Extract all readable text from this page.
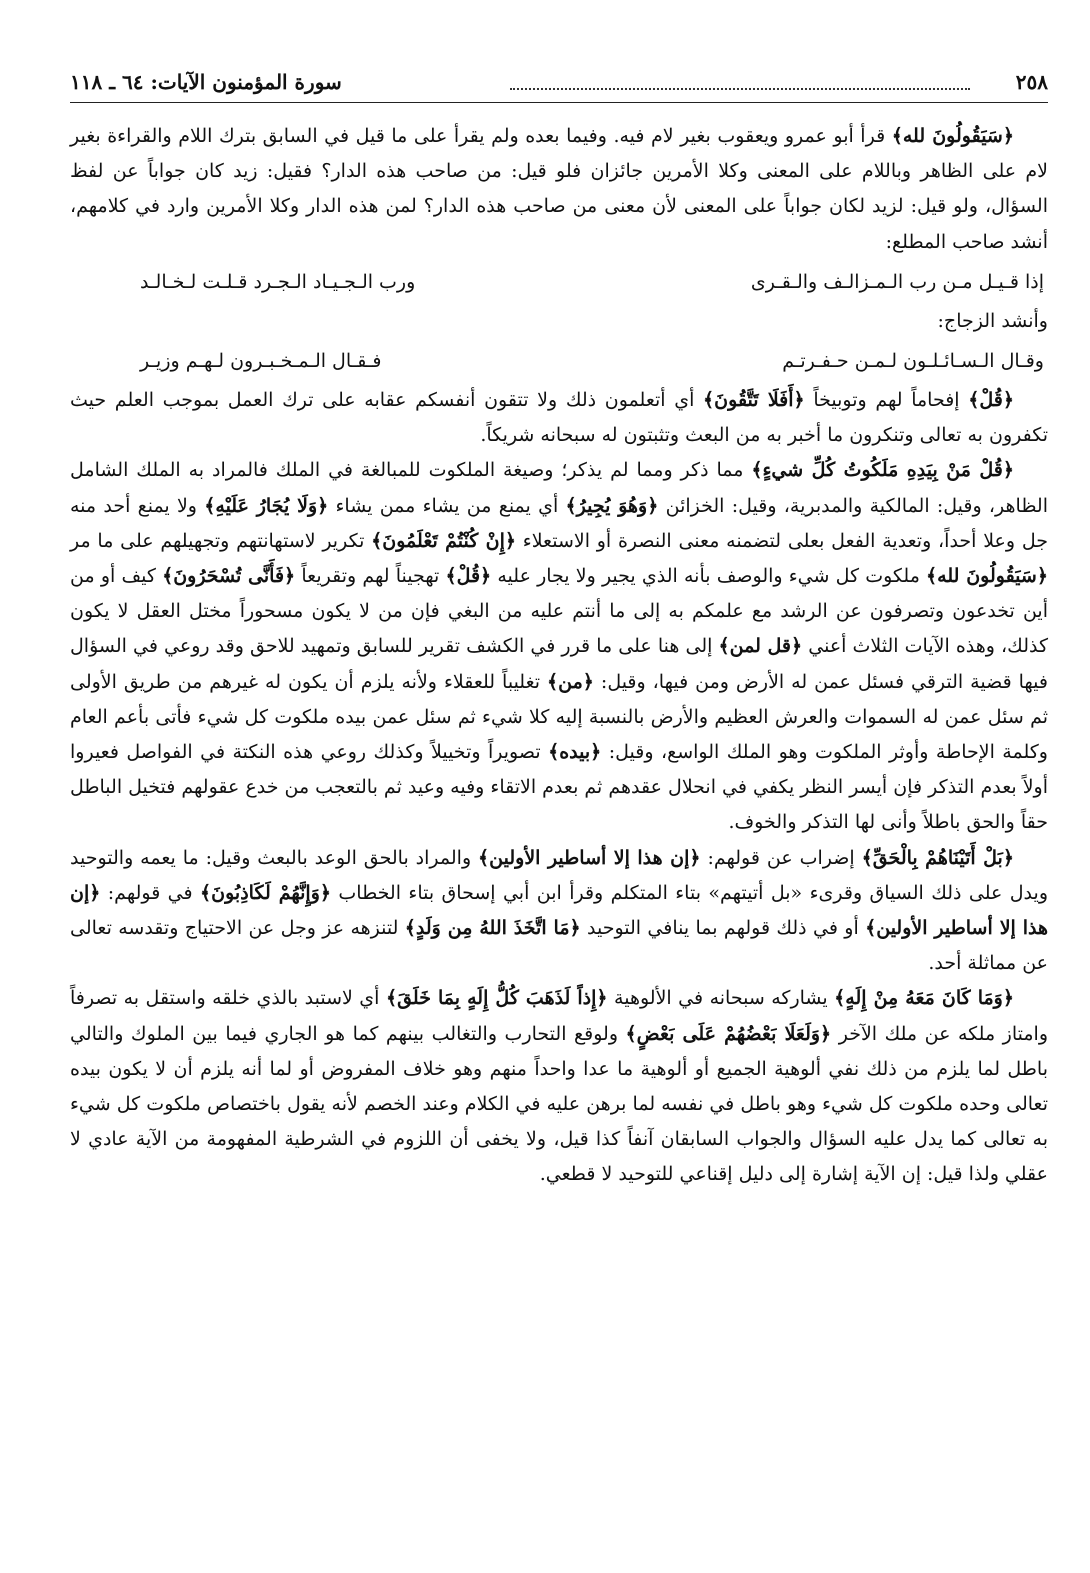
٢٥٨
سورة المؤمنون الآيات: ٦٤ ـ ١١٨

﴿سَيَقُولُونَ لله﴾ قرأ أبو عمرو ويعقوب بغير لام فيه. وفيما بعده ولم يقرأ على ما قيل في السابق بترك اللام والقراءة بغير لام على الظاهر وباللام على المعنى وكلا الأمرين جائزان فلو قيل: من صاحب هذه الدار؟ فقيل: زيد كان جواباً عن لفظ السؤال، ولو قيل: لزيد لكان جواباً على المعنى لأن معنى من صاحب هذه الدار؟ لمن هذه الدار وكلا الأمرين وارد في كلامهم، أنشد صاحب المطلع:

إذا قـيـل مـن رب الـمـزالـف والـقـرى
ورب الـجـيـاد الـجـرد قـلـت لـخـالـد

وأنشد الزجاج:

وقـال الـسـائـلـون لـمـن حـفـرتـم
فـقـال الـمـخـبـرون لـهـم وزيـر

﴿قُلْ﴾ إفحاماً لهم وتوبيخاً ﴿أَفَلَا تَتَّقُونَ﴾ أي أتعلمون ذلك ولا تتقون أنفسكم عقابه على ترك العمل بموجب العلم حيث تكفرون به تعالى وتنكرون ما أخبر به من البعث وتثبتون له سبحانه شريكاً.

﴿قُلْ مَنْ بِيَدِهِ مَلَكُوتُ كُلِّ شيءٍ﴾ مما ذكر ومما لم يذكر؛ وصيغة الملكوت للمبالغة في الملك فالمراد به الملك الشامل الظاهر، وقيل: المالكية والمدبرية، وقيل: الخزائن ﴿وَهُوَ يُجِيرُ﴾ أي يمنع من يشاء ممن يشاء ﴿وَلَا يُجَارُ عَلَيْهِ﴾ ولا يمنع أحد منه جل وعلا أحداً، وتعدية الفعل بعلى لتضمنه معنى النصرة أو الاستعلاء ﴿إِنْ كُنْتُمْ تَعْلَمُونَ﴾ تكرير لاستهانتهم وتجهيلهم على ما مر ﴿سَيَقُولُونَ لله﴾ ملكوت كل شيء والوصف بأنه الذي يجير ولا يجار عليه ﴿قُلْ﴾ تهجيناً لهم وتقريعاً ﴿فَأَنَّى تُسْحَرُونَ﴾ كيف أو من أين تخدعون وتصرفون عن الرشد مع علمكم به إلى ما أنتم عليه من البغي فإن من لا يكون مسحوراً مختل العقل لا يكون كذلك، وهذه الآيات الثلاث أعني ﴿قل لمن﴾ إلى هنا على ما قرر في الكشف تقرير للسابق وتمهيد للاحق وقد روعي في السؤال فيها قضية الترقي فسئل عمن له الأرض ومن فيها، وقيل: ﴿من﴾ تغليباً للعقلاء ولأنه يلزم أن يكون له غيرهم من طريق الأولى ثم سئل عمن له السموات والعرش العظيم والأرض بالنسبة إليه كلا شيء ثم سئل عمن بيده ملكوت كل شيء فأتى بأعم العام وكلمة الإحاطة وأوثر الملكوت وهو الملك الواسع، وقيل: ﴿بيده﴾ تصويراً وتخييلاً وكذلك روعي هذه النكتة في الفواصل فعيروا أولاً بعدم التذكر فإن أيسر النظر يكفي في انحلال عقدهم ثم بعدم الاتقاء وفيه وعيد ثم بالتعجب من خدع عقولهم فتخيل الباطل حقاً والحق باطلاً وأنى لها التذكر والخوف.

﴿بَلْ أَتَيْنَاهُمْ بِالْحَقِّ﴾ إضراب عن قولهم: ﴿إن هذا إلا أساطير الأولين﴾ والمراد بالحق الوعد بالبعث وقيل: ما يعمه والتوحيد ويدل على ذلك السياق وقرىء «بل أتيتهم» بتاء المتكلم وقرأ ابن أبي إسحاق بتاء الخطاب ﴿وَإِنَّهُمْ لَكَاذِبُونَ﴾ في قولهم: ﴿إن هذا إلا أساطير الأولين﴾ أو في ذلك قولهم بما ينافي التوحيد ﴿مَا اتَّخَذَ اللهُ مِن وَلَدٍ﴾ لتنزهه عز وجل عن الاحتياج وتقدسه تعالى عن مماثلة أحد.

﴿وَمَا كَانَ مَعَهُ مِنْ إِلَهٍ﴾ يشاركه سبحانه في الألوهية ﴿إِذاً لَذَهَبَ كُلُّ إِلَهٍ بِمَا خَلَقَ﴾ أي لاستبد بالذي خلقه واستقل به تصرفاً وامتاز ملكه عن ملك الآخر ﴿وَلَعَلَا بَعْضُهُمْ عَلَى بَعْضٍ﴾ ولوقع التحارب والتغالب بينهم كما هو الجاري فيما بين الملوك والتالي باطل لما يلزم من ذلك نفي ألوهية الجميع أو ألوهية ما عدا واحداً منهم وهو خلاف المفروض أو لما أنه يلزم أن لا يكون بيده تعالى وحده ملكوت كل شيء وهو باطل في نفسه لما برهن عليه في الكلام وعند الخصم لأنه يقول باختصاص ملكوت كل شيء به تعالى كما يدل عليه السؤال والجواب السابقان آنفاً كذا قيل، ولا يخفى أن اللزوم في الشرطية المفهومة من الآية عادي لا عقلي ولذا قيل: إن الآية إشارة إلى دليل إقناعي للتوحيد لا قطعي.
